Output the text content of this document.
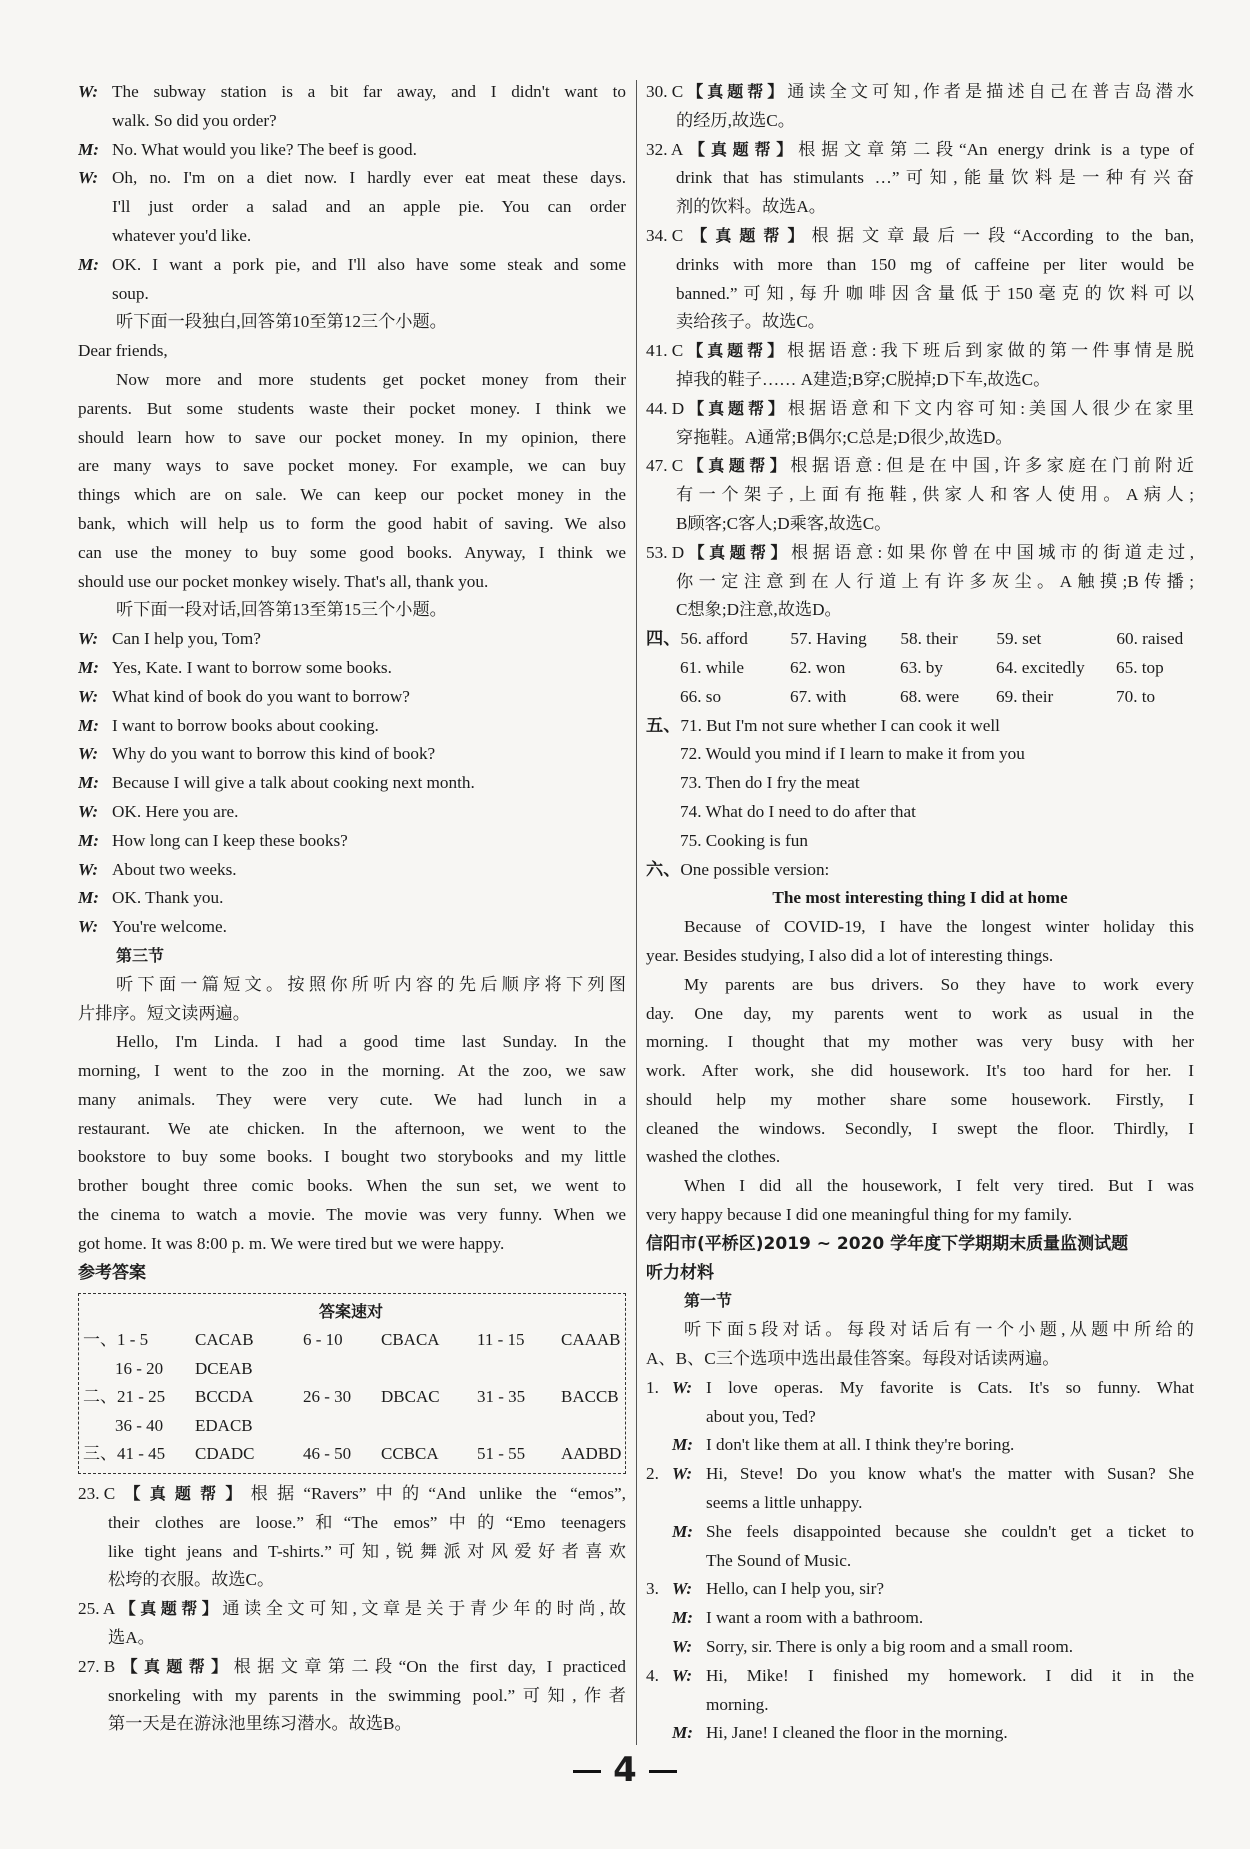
W: The subway station is a bit far away, and I didn't want to
walk. So did you order?
M: No. What would you like? The beef is good.
W: Oh, no. I'm on a diet now. I hardly ever eat meat these days.
I'll just order a salad and an apple pie. You can order
whatever you'd like.
M: OK. I want a pork pie, and I'll also have some steak and some
soup.
听下面一段独白,回答第10至第12三个小题。
Dear friends,
Now more and more students get pocket money from their
parents. But some students waste their pocket money. I think we
should learn how to save our pocket money. In my opinion, there
are many ways to save pocket money. For example, we can buy
things which are on sale. We can keep our pocket money in the
bank, which will help us to form the good habit of saving. We also
can use the money to buy some good books. Anyway, I think we
should use our pocket monkey wisely. That's all, thank you.
听下面一段对话,回答第13至第15三个小题。
W: Can I help you, Tom?
M: Yes, Kate. I want to borrow some books.
W: What kind of book do you want to borrow?
M: I want to borrow books about cooking.
W: Why do you want to borrow this kind of book?
M: Because I will give a talk about cooking next month.
W: OK. Here you are.
M: How long can I keep these books?
W: About two weeks.
M: OK. Thank you.
W: You're welcome.
第三节
听下面一篇短文。按照你所听内容的先后顺序将下列图
片排序。短文读两遍。
Hello, I'm Linda. I had a good time last Sunday. In the
morning, I went to the zoo in the morning. At the zoo, we saw
many animals. They were very cute. We had lunch in a
restaurant. We ate chicken. In the afternoon, we went to the
bookstore to buy some books. I bought two storybooks and my little
brother bought three comic books. When the sun set, we went to
the cinema to watch a movie. The movie was very funny. When we
got home. It was 8:00 p. m. We were tired but we were happy.
参考答案
答案速对
一、1 - 5	CACAB	6 - 10 CBACA 11 - 15 CAAAB
16 - 20 DCEAB
二、21 - 25 BCCDA	26 - 30 DBCAC 31 - 35 BACCB
36 - 40 EDACB
三、41 - 45 CDADC	46 - 50 CCBCA 51 - 55 AADBD
23. C【真题帮】根据“Ravers”中的“And unlike the “emos”,
their clothes are loose.”和“The emos”中的“Emo teenagers
like tight jeans and T-shirts.”可知,锐舞派对风爱好者喜欢
松垮的衣服。故选C。
25. A【真题帮】通读全文可知,文章是关于青少年的时尚,故
选A。
27. B【真题帮】根据文章第二段“On the first day, I practiced
snorkeling with my parents in the swimming pool.”可知,作者
第一天是在游泳池里练习潜水。故选B。
30. C【真题帮】通读全文可知,作者是描述自己在普吉岛潜水
的经历,故选C。
32. A【真题帮】根据文章第二段“An energy drink is a type of
drink that has stimulants …”可知,能量饮料是一种有兴奋
剂的饮料。故选A。
34. C【真题帮】根据文章最后一段“According to the ban,
drinks with more than 150 mg of caffeine per liter would be
banned.”可知,每升咖啡因含量低于150毫克的饮料可以
卖给孩子。故选C。
41. C【真题帮】根据语意:我下班后到家做的第一件事情是脱
掉我的鞋子…… A建造;B穿;C脱掉;D下车,故选C。
44. D【真题帮】根据语意和下文内容可知:美国人很少在家里
穿拖鞋。A通常;B偶尔;C总是;D很少,故选D。
47. C【真题帮】根据语意:但是在中国,许多家庭在门前附近
有一个架子,上面有拖鞋,供家人和客人使用。A病人;
B顾客;C客人;D乘客,故选C。
53. D【真题帮】根据语意:如果你曾在中国城市的街道走过,
你一定注意到在人行道上有许多灰尘。A触摸;B传播;
C想象;D注意,故选D。
四、56. afford 57. Having 58. their 59. set	60. raised
61. while	62. won	63. by	64. excitedly 65. top
66. so	67. with	68. were 69. their	70. to
五、71. But I'm not sure whether I can cook it well
72. Would you mind if I learn to make it from you
73. Then do I fry the meat
74. What do I need to do after that
75. Cooking is fun
六、One possible version:
The most interesting thing I did at home
Because of COVID-19, I have the longest winter holiday this
year. Besides studying, I also did a lot of interesting things.
My parents are bus drivers. So they have to work every
day. One day, my parents went to work as usual in the
morning. I thought that my mother was very busy with her
work. After work, she did housework. It's too hard for her. I
should help my mother share some housework. Firstly, I
cleaned the windows. Secondly, I swept the floor. Thirdly, I
washed the clothes.
When I did all the housework, I felt very tired. But I was
very happy because I did one meaningful thing for my family.
信阳市(平桥区)2019 ~ 2020 学年度下学期期末质量监测试题
听力材料
第一节
听下面5段对话。每段对话后有一个小题,从题中所给的
A、B、C三个选项中选出最佳答案。每段对话读两遍。
1. W: I love operas. My favorite is Cats. It's so funny. What
about you, Ted?
M: I don't like them at all. I think they're boring.
2. W: Hi, Steve! Do you know what's the matter with Susan? She
seems a little unhappy.
M: She feels disappointed because she couldn't get a ticket to
The Sound of Music.
3. W: Hello, can I help you, sir?
M: I want a room with a bathroom.
W: Sorry, sir. There is only a big room and a small room.
4. W: Hi, Mike! I finished my homework. I did it in the
morning.
M: Hi, Jane! I cleaned the floor in the morning.
4
